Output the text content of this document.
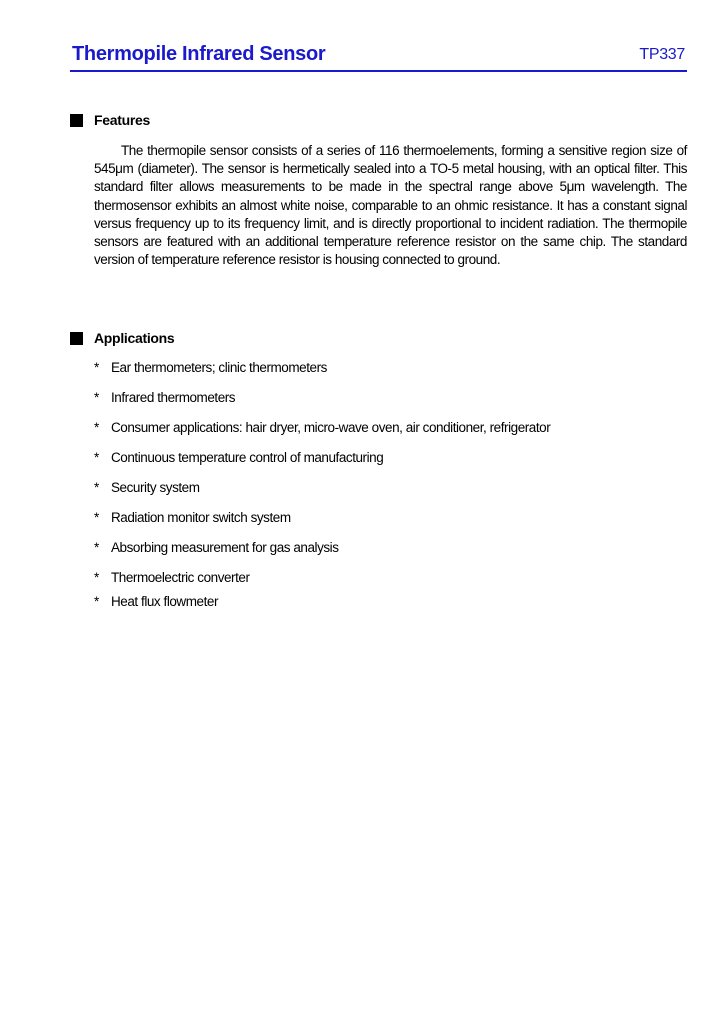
Thermopile Infrared Sensor	TP337
Features
The thermopile sensor consists of a series of 116 thermoelements, forming a sensitive region size of 545μm (diameter). The sensor is hermetically sealed into a TO-5 metal housing, with an optical filter. This standard filter allows measurements to be made in the spectral range above 5μm wavelength. The thermosensor exhibits an almost white noise, comparable to an ohmic resistance. It has a constant signal versus frequency up to its frequency limit, and is directly proportional to incident radiation. The thermopile sensors are featured with an additional temperature reference resistor on the same chip. The standard version of temperature reference resistor is housing connected to ground.
Applications
* Ear thermometers; clinic thermometers
* Infrared thermometers
* Consumer applications: hair dryer, micro-wave oven, air conditioner, refrigerator
* Continuous temperature control of manufacturing
* Security system
* Radiation monitor switch system
* Absorbing measurement for gas analysis
* Thermoelectric converter
* Heat flux flowmeter
